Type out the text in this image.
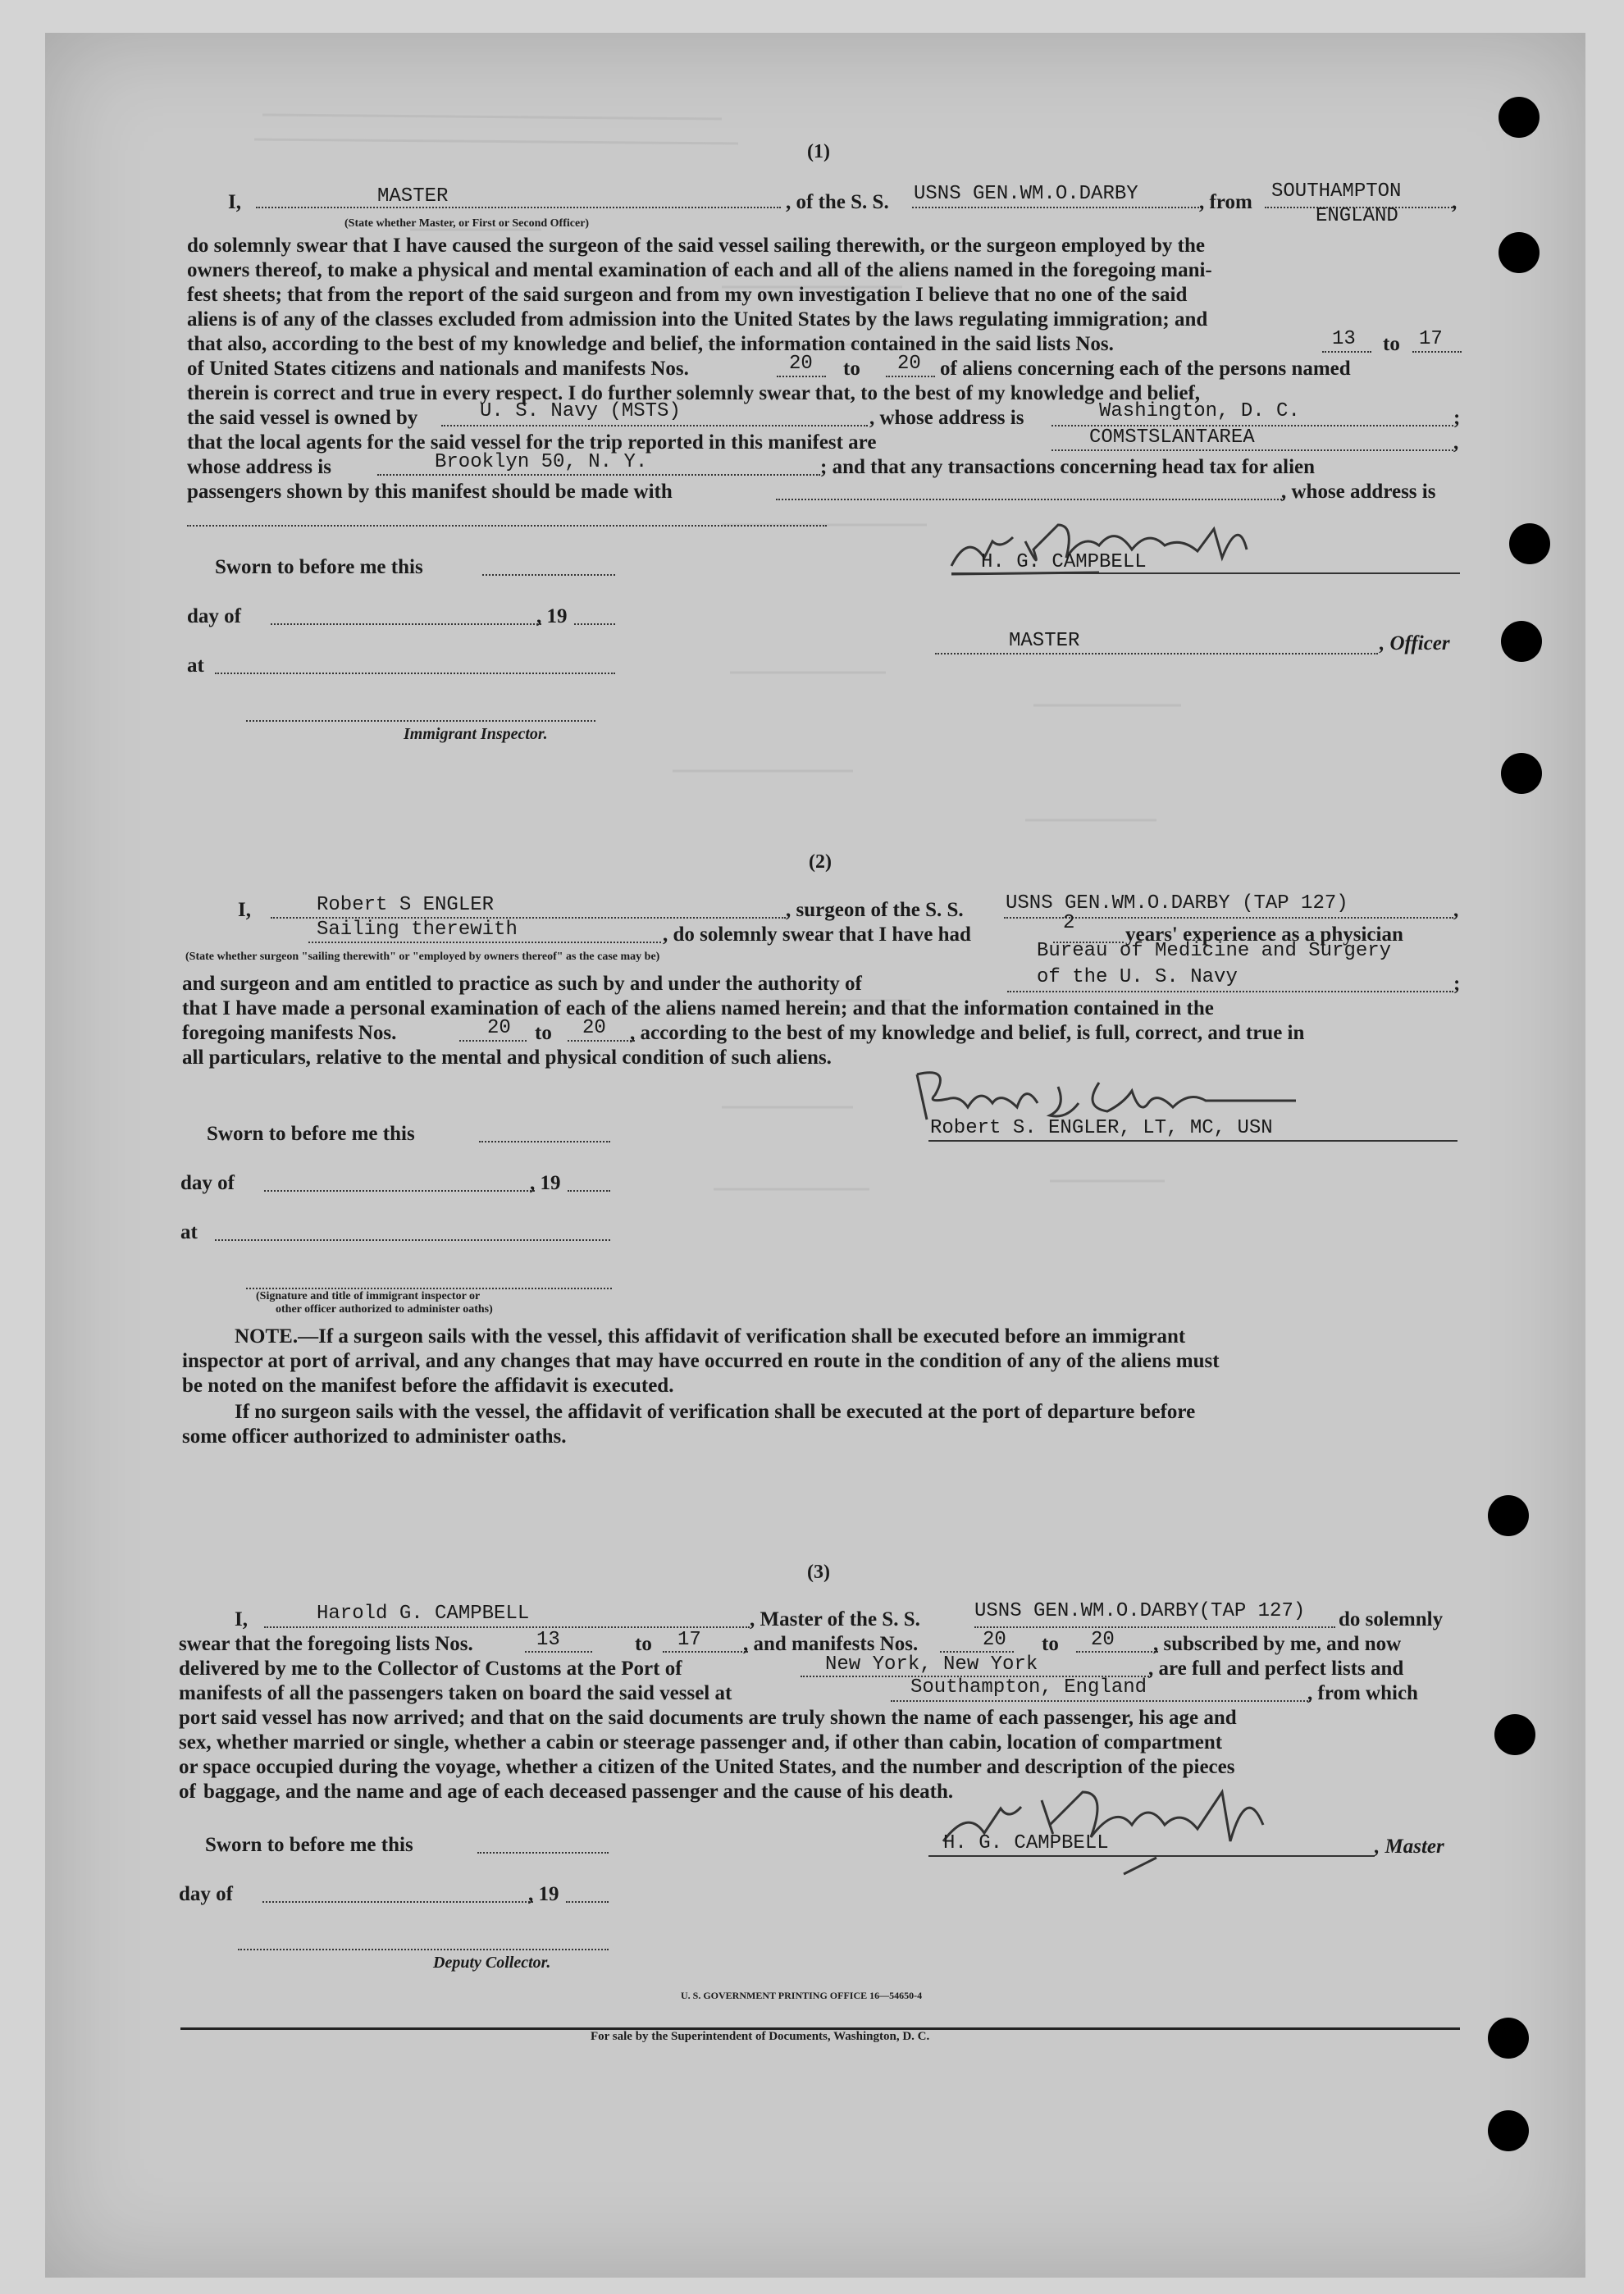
(1)
I,	MASTER
(State whether Master, or First or Second Officer)
, of the S. S. USNS GEN.WM.O.DARBY	, from SOUTHAMPTON
ENGLAND
,
do solemnly swear that I have caused the surgeon of the said vessel sailing therewith, or the surgeon employed by the
owners thereof, to make a physical and mental examination of each and all of the aliens named in the foregoing mani-
fest sheets; that from the report of the said surgeon and from my own investigation I believe that no one of the said
aliens is of any of the classes excluded from admission into the United States by the laws regulating immigration; and
that also, according to the best of my knowledge and belief, the information contained in the said lists Nos.	13 to 17
of United States citizens and nationals and manifests Nos.	20 to 20 of aliens concerning each of the persons named
therein is correct and true in every respect. I do further solemnly swear that, to the best of my knowledge and belief,
the said vessel is owned by	U. S. Navy (MSTS)	, whose address is	Washington, D. C.	;
that the local agents for the said vessel for the trip reported in this manifest are	COMSTSLANTAREA	,
whose address is	Brooklyn 50, N. Y.	; and that any transactions concerning head tax for alien
passengers shown by this manifest should be made with	, whose address is
Sworn to before me this
day of	, 19
at
Immigrant Inspector.
H. G. CAMPBELL
MASTER	, Officer
(2)
I,	Robert S ENGLER	, surgeon of the S. S. USNS GEN.WM.O.DARBY (TAP 127)	,
Sailing therewith	, do solemnly swear that I have had
2
years' experience as a physician
(State whether surgeon "sailing therewith" or "employed by owners thereof" as the case may be)	Bureau of Medicine and Surgery
and surgeon and am entitled to practice as such by and under the authority of	of the U. S. Navy	;
that I have made a personal examination of each of the aliens named herein; and that the information contained in the
foregoing manifests Nos.	20 to 20 , according to the best of my knowledge and belief, is full, correct, and true in
all particulars, relative to the mental and physical condition of such aliens.
Robert S. ENGLER, LT, MC, USN
Sworn to before me this
day of	, 19
at
(Signature and title of immigrant inspector or
other officer authorized to administer oaths)
NOTE.—If a surgeon sails with the vessel, this affidavit of verification shall be executed before an immigrant
inspector at port of arrival, and any changes that may have occurred en route in the condition of any of the aliens must
be noted on the manifest before the affidavit is executed.
If no surgeon sails with the vessel, the affidavit of verification shall be executed at the port of departure before
some officer authorized to administer oaths.
(3)
I,	Harold G. CAMPBELL	, Master of the S. S.	USNS GEN.WM.O.DARBY(TAP 127) do solemnly
swear that the foregoing lists Nos.	13	to 17 , and manifests Nos.	20 to 20 , subscribed by me, and now
delivered by me to the Collector of Customs at the Port of	New York, New York	, are full and perfect lists and
manifests of all the passengers taken on board the said vessel at	Southampton, England	, from which
port said vessel has now arrived; and that on the said documents are truly shown the name of each passenger, his age and
sex, whether married or single, whether a cabin or steerage passenger and, if other than cabin, location of compartment
or space occupied during the voyage, whether a citizen of the United States, and the number and description of the pieces
of baggage, and the name and age of each deceased passenger and the cause of his death.
H. G. CAMPBELL	, Master
Sworn to before me this
day of	, 19
Deputy Collector.
U. S. GOVERNMENT PRINTING OFFICE 16—54650-4
For sale by the Superintendent of Documents, Washington, D. C.
